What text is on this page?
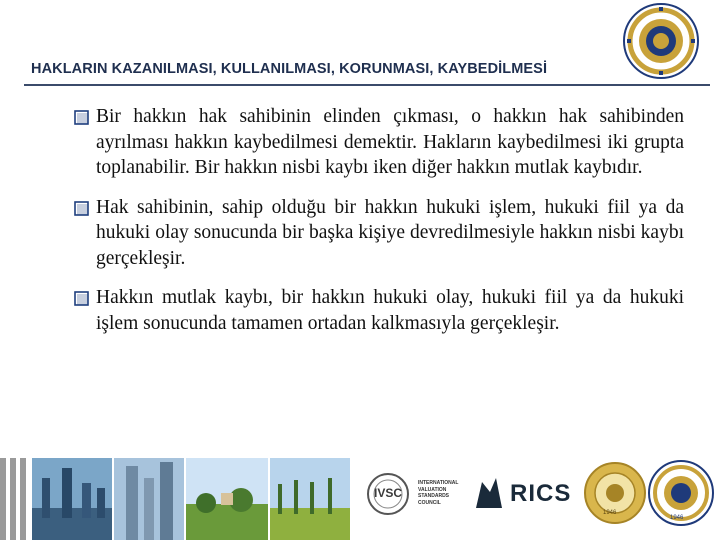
HAKLARIN KAZANILMASI, KULLANILMASI, KORUNMASI, KAYBEDİLMESİ
Bir hakkın hak sahibinin elinden çıkması, o hakkın hak sahibinden ayrılması hakkın kaybedilmesi demektir. Hakların kaybedilmesi iki grupta toplanabilir. Bir hakkın nisbi kaybı iken diğer hakkın mutlak kaybıdır.
Hak sahibinin, sahip olduğu bir hakkın hukuki işlem, hukuki fiil ya da hukuki olay sonucunda bir başka kişiye devredilmesiyle hakkın nisbi kaybı gerçekleşir.
Hakkın mutlak kaybı, bir hakkın hukuki olay, hukuki fiil ya da hukuki işlem sonucunda tamamen ortadan kalkmasıyla gerçekleşir.
IVSC
INTERNATIONAL VALUATION STANDARDS COUNCIL	RICS
1946
1946
